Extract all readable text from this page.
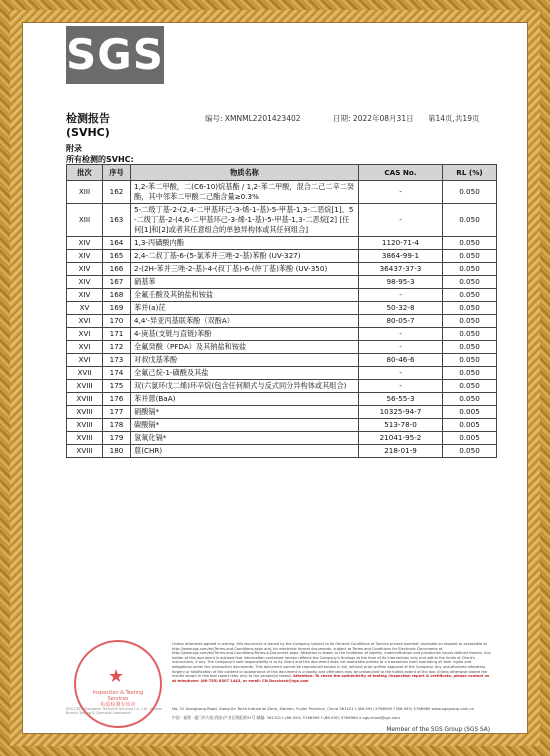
SGS
检测报告
(SVHC)
编号: XMNML2201423402	日期: 2022年08月31日 第14页,共19页
附录
所有检测的SVHC:
批次	序号	物质名称	CAS No.	RL (%)
XIII	162	1,2-苯二甲酸，二(C6-10)烷基酯 / 1,2-苯二甲酸，混合二己二辛二癸酯，其中邻苯二甲酸二己酯含量≥0.3%	-	0.050
XIII	163	5-二级丁基-2-(2,4-二甲基环己-3-烯-1-基)-5-甲基-1,3-二恶烷[1]、5-二级丁基-2-(4,6-二甲基环己-3-烯-1-基)-5-甲基-1,3-二恶烷[2] [任何[1]和[2]或者其任意组合的单独异构体或其任何组合]	-	0.050
XIV	164	1,3-丙磺酸内酯	1120-71-4	0.050
XIV	165	2,4-二叔丁基-6-(5-氯苯并三唑-2-基)苯酚 (UV-327)	3864-99-1	0.050
XIV	166	2-(2H-苯并三唑-2-基)-4-(叔丁基)-6-(仲丁基)苯酚 (UV-350)	36437-37-3	0.050
XIV	167	硝基苯	98-95-3	0.050
XIV	168	全氟壬酸及其钠盐和铵盐	-	0.050
XV	169	苯并(a)芘	50-32-8	0.050
XVI	170	4,4'-异亚丙基联苯酚（双酚A）	80-05-7	0.050
XVI	171	4-庚基(支链与直链)苯酚	-	0.050
XVI	172	全氟癸酸（PFDA）及其钠盐和铵盐	-	0.050
XVI	173	对叔戊基苯酚	80-46-6	0.050
XVII	174	全氟己烷-1-磺酸及其盐	-	0.050
XVIII	175	双(六氯环戊二烯)环辛烷(包含任何顺式与反式同分异构体或其组合)	-	0.050
XVIII	176	苯并蒽(BaA)	56-55-3	0.050
XVIII	177	硝酸镉*	10325-94-7	0.005
XVIII	178	碳酸镉*	513-78-0	0.005
XVIII	179	氢氧化镉*	21041-95-2	0.005
XVIII	180	䓛(CHR)	218-01-9	0.050
★
Inspection & Testing Services
检验检测专用章
Unless otherwise agreed in writing, this document is issued by the Company subject to its General Conditions of Service printed overleaf, available on request or accessible at http://www.sgs.com/en/Terms-and-Conditions.aspx and, for electronic format documents, subject to Terms and Conditions for Electronic Documents at http://www.sgs.com/en/Terms-and-Conditions/Terms-e-Document.aspx. Attention is drawn to the limitation of liability, indemnification and jurisdiction issues defined therein. Any holder of this document is advised that information contained hereon reflects the Company's findings at the time of its intervention only and within the limits of Client's instructions, if any. The Company's sole responsibility is to its Client and this document does not exonerate parties to a transaction from exercising all their rights and obligations under the transaction documents. This document cannot be reproduced except in full, without prior written approval of the Company. Any unauthorized alteration, forgery or falsification of the content or appearance of this document is unlawful and offenders may be prosecuted to the fullest extent of the law. Unless otherwise stated the results shown in this test report refer only to the sample(s) tested. Attention: To check the authenticity of testing /inspection report & certificate, please contact us at telephone: (86-755) 8307 1443, or email: CN.Doccheck@sgs.com
SGS-CSTC Standards Technical Services Co., Ltd. Xiamen Branch Testing & Chemical Laboratory
No. 31 Xianghong Road, Xiang'An Torch Industrial Zone, Xiamen, Fujian Province, China 361101 t (86-592) 5766995 f (86-592) 5766980 www.sgsgroup.com.cn
中国 · 福建 · 厦门市火炬(翔安)产业区翔虹路31号 邮编: 361101 t (86-592) 5766995 f (86-592) 5766980 e sgs.china@sgs.com
Member of the SGS Group (SGS SA)
